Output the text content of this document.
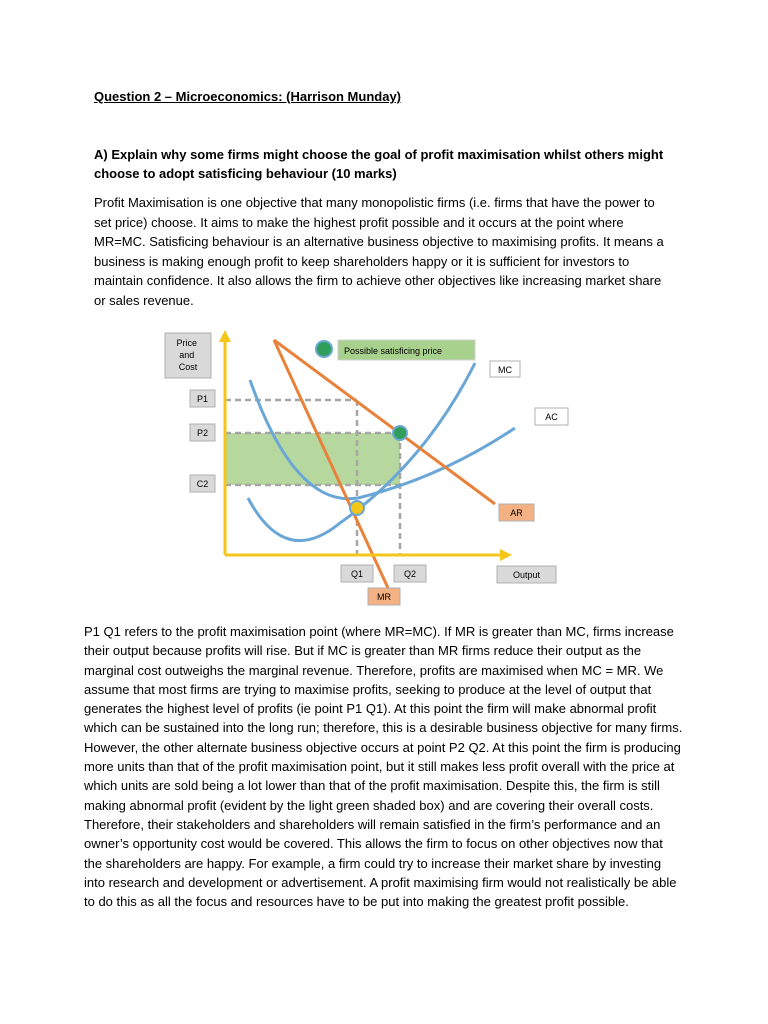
Question 2 – Microeconomics: (Harrison Munday)
A) Explain why some firms might choose the goal of profit maximisation whilst others might choose to adopt satisficing behaviour (10 marks)
Profit Maximisation is one objective that many monopolistic firms (i.e. firms that have the power to set price) choose. It aims to make the highest profit possible and it occurs at the point where MR=MC. Satisficing behaviour is an alternative business objective to maximising profits. It means a business is making enough profit to keep shareholders happy or it is sufficient for investors to maintain confidence. It also allows the firm to achieve other objectives like increasing market share or sales revenue.
Possible satisficing price
Price and Cost
P1
P2
C2
MC
AC
AR
Q1	Q2
MR
Output
P1 Q1 refers to the profit maximisation point (where MR=MC). If MR is greater than MC, firms increase their output because profits will rise. But if MC is greater than MR firms reduce their output as the marginal cost outweighs the marginal revenue. Therefore, profits are maximised when MC = MR. We assume that most firms are trying to maximise profits, seeking to produce at the level of output that generates the highest level of profits (ie point P1 Q1). At this point the firm will make abnormal profit which can be sustained into the long run; therefore, this is a desirable business objective for many firms. However, the other alternate business objective occurs at point P2 Q2. At this point the firm is producing more units than that of the profit maximisation point, but it still makes less profit overall with the price at which units are sold being a lot lower than that of the profit maximisation. Despite this, the firm is still making abnormal profit (evident by the light green shaded box) and are covering their overall costs. Therefore, their stakeholders and shareholders will remain satisfied in the firm’s performance and an owner’s opportunity cost would be covered. This allows the firm to focus on other objectives now that the shareholders are happy. For example, a firm could try to increase their market share by investing into research and development or advertisement. A profit maximising firm would not realistically be able to do this as all the focus and resources have to be put into making the greatest profit possible.
